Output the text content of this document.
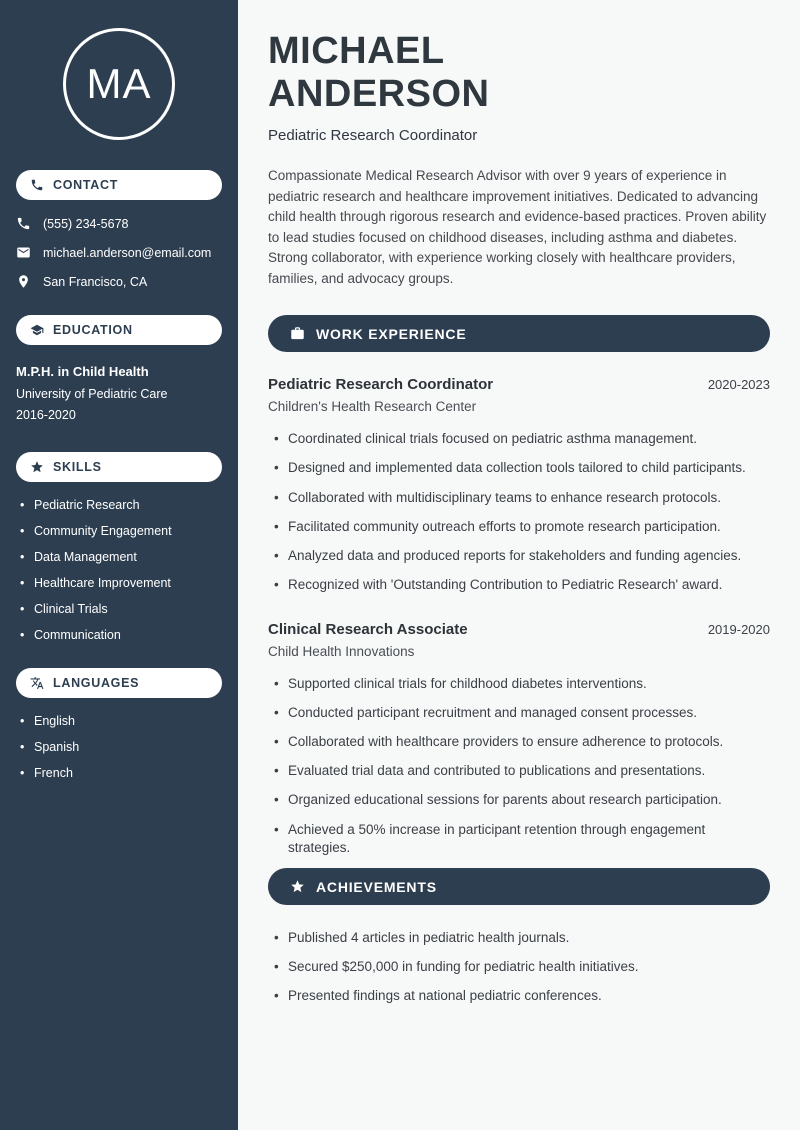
MA
CONTACT
(555) 234-5678
michael.anderson@email.com
San Francisco, CA
EDUCATION
M.P.H. in Child Health
University of Pediatric Care
2016-2020
SKILLS
• Pediatric Research
• Community Engagement
• Data Management
• Healthcare Improvement
• Clinical Trials
• Communication
LANGUAGES
• English
• Spanish
• French
MICHAEL
ANDERSON
Pediatric Research Coordinator

Compassionate Medical Research Advisor with over 9 years of experience in pediatric research and healthcare improvement initiatives. Dedicated to advancing child health through rigorous research and evidence-based practices. Proven ability to lead studies focused on childhood diseases, including asthma and diabetes. Strong collaborator, with experience working closely with healthcare providers, families, and advocacy groups.

WORK EXPERIENCE
Pediatric Research Coordinator	2020-2023
Children's Health Research Center
• Coordinated clinical trials focused on pediatric asthma management.
• Designed and implemented data collection tools tailored to child participants.
• Collaborated with multidisciplinary teams to enhance research protocols.
• Facilitated community outreach efforts to promote research participation.
• Analyzed data and produced reports for stakeholders and funding agencies.
• Recognized with 'Outstanding Contribution to Pediatric Research' award.
Clinical Research Associate	2019-2020
Child Health Innovations
• Supported clinical trials for childhood diabetes interventions.
• Conducted participant recruitment and managed consent processes.
• Collaborated with healthcare providers to ensure adherence to protocols.
• Evaluated trial data and contributed to publications and presentations.
• Organized educational sessions for parents about research participation.
• Achieved a 50% increase in participant retention through engagement strategies.
ACHIEVEMENTS
• Published 4 articles in pediatric health journals.
• Secured $250,000 in funding for pediatric health initiatives.
• Presented findings at national pediatric conferences.
